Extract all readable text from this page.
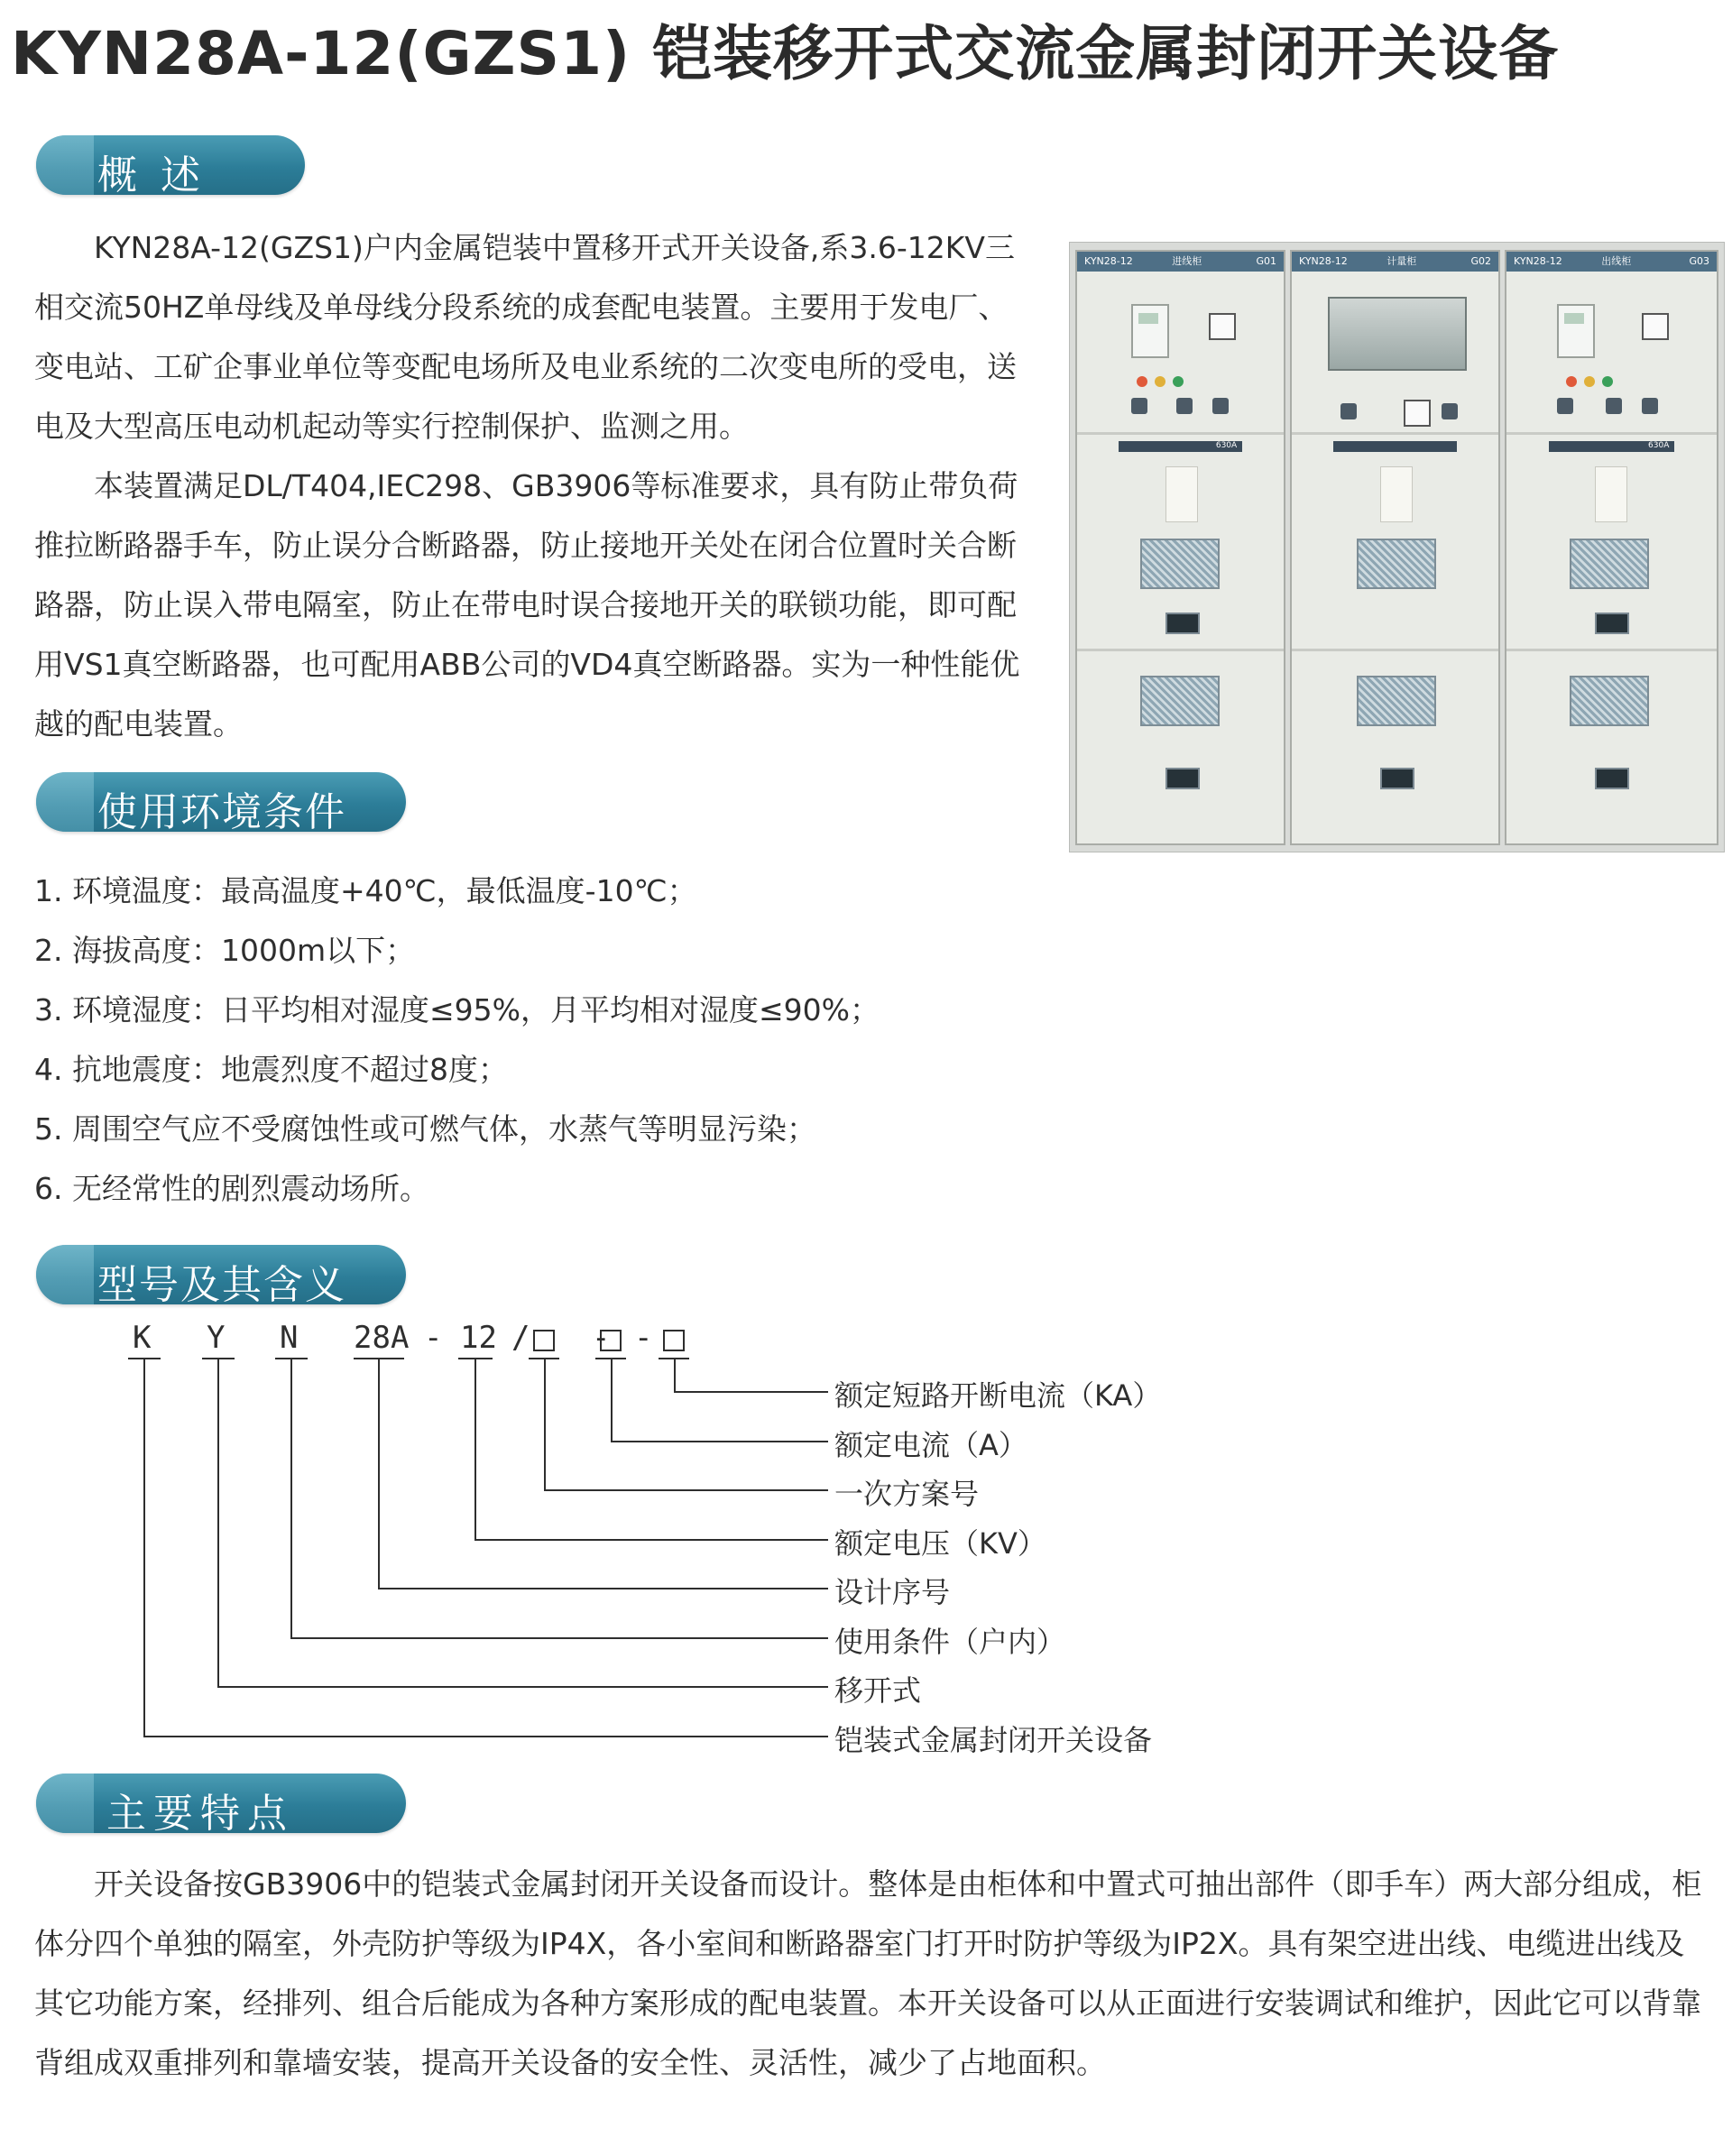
KYN28A-12(GZS1) 铠装移开式交流金属封闭开关设备
概 述

KYN28A-12(GZS1)户内金属铠装中置移开式开关设备,系3.6-12KV三相交流50HZ单母线及单母线分段系统的成套配电装置。主要用于发电厂、变电站、工矿企事业单位等变配电场所及电业系统的二次变电所的受电，送电及大型高压电动机起动等实行控制保护、监测之用。

本装置满足DL/T404,IEC298、GB3906等标准要求，具有防止带负荷推拉断路器手车，防止误分合断路器，防止接地开关处在闭合位置时关合断路器，防止误入带电隔室，防止在带电时误合接地开关的联锁功能，即可配用VS1真空断路器，也可配用ABB公司的VD4真空断路器。实为一种性能优越的配电装置。

KYN28-12	进线柜	G01
630A
KYN28-12	计量柜	G02	KYN28-12	出线柜	G03
630A
使用环境条件
1. 环境温度：最高温度+40℃，最低温度-10℃；
2. 海拔高度：1000m以下；
3. 环境湿度：日平均相对湿度≤95%，月平均相对湿度≤90%；
4. 抗地震度：地震烈度不超过8度；
5. 周围空气应不受腐蚀性或可燃气体，水蒸气等明显污染；
6. 无经常性的剧烈震动场所。
型号及其含义
K Y N 28A - 12 / - -
额定短路开断电流（KA）
额定电流（A）
一次方案号
额定电压（KV）
设计序号
使用条件（户内）
移开式
铠装式金属封闭开关设备
主要特点

开关设备按GB3906中的铠装式金属封闭开关设备而设计。整体是由柜体和中置式可抽出部件（即手车）两大部分组成，柜体分四个单独的隔室，外壳防护等级为IP4X，各小室间和断路器室门打开时防护等级为IP2X。具有架空进出线、电缆进出线及其它功能方案，经排列、组合后能成为各种方案形成的配电装置。本开关设备可以从正面进行安装调试和维护，因此它可以背靠背组成双重排列和靠墙安装，提高开关设备的安全性、灵活性，减少了占地面积。
